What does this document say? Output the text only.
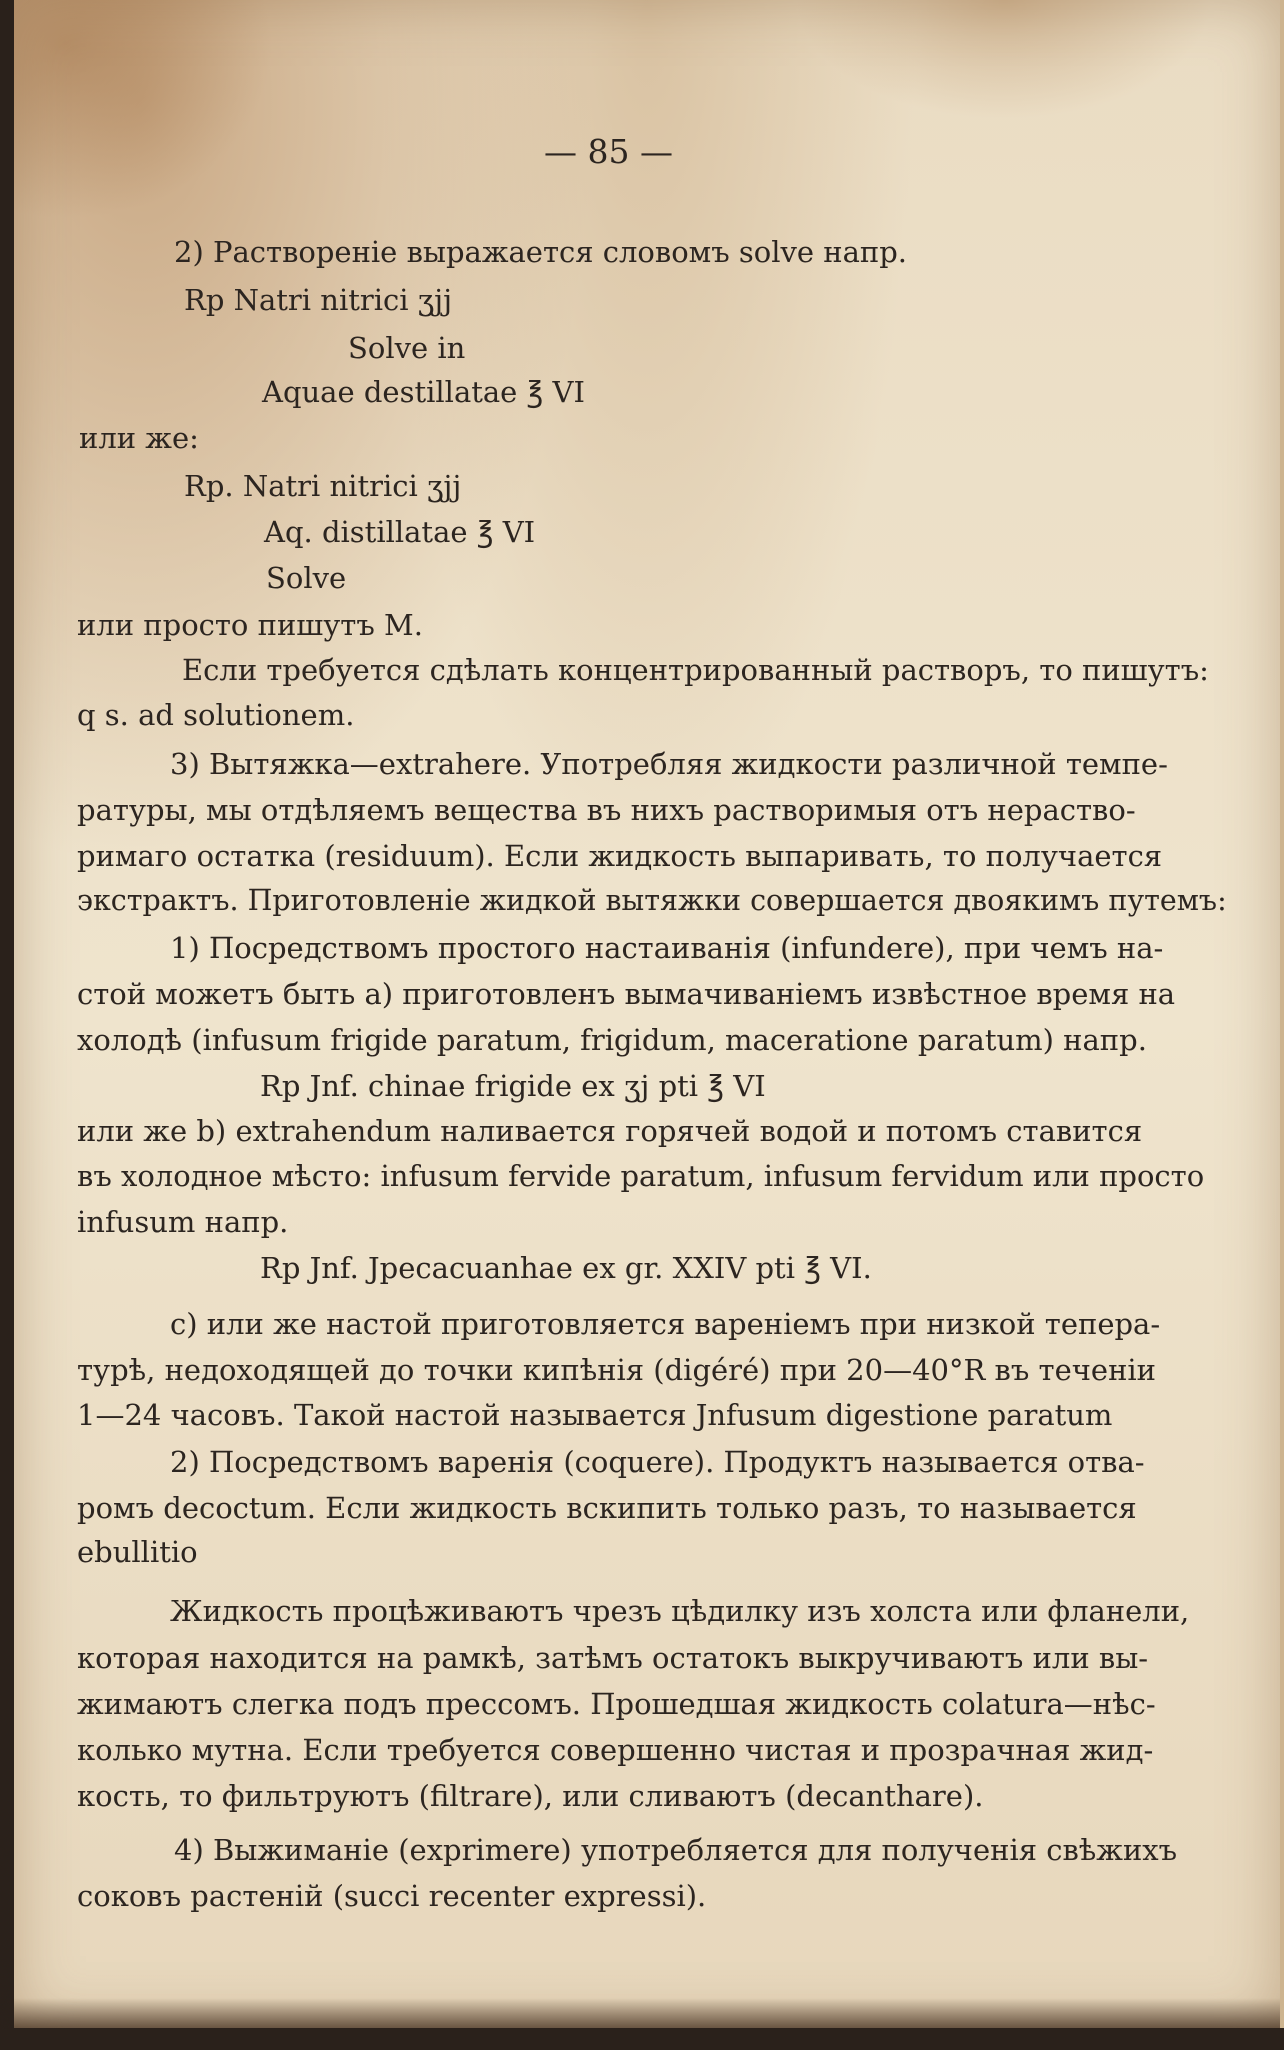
— 85 —
2) Растворенiе выражается словомъ solve напр.
Rp Natri nitrici ʒjj
Solve in
Aquae destillatae ℥ VI
или же:
Rp. Natri nitrici ʒjj
Aq. distillatae ℥ VI
Solve
или просто пишутъ М.
Если требуется сдѣлать концентрированный растворъ, то пишутъ:
q s. ad solutionem.
3) Вытяжка—extrahere. Употребляя жидкости различной темпе-
ратуры, мы отдѣляемъ вещества въ нихъ растворимыя отъ нераство-
римаго остатка (residuum). Если жидкость выпаривать, то получается
экстрактъ. Приготовленiе жидкой вытяжки совершается двоякимъ путемъ:
1) Посредствомъ простого настаиванiя (infundere), при чемъ на-
стой можетъ быть а) приготовленъ вымачиванiемъ извѣстное время на
холодѣ (infusum frigide paratum, frigidum, maceratione paratum) напр.
Rp Jnf. chinae frigide ex ʒj pti ℥ VI
или же b) extrahendum наливается горячей водой и потомъ ставится
въ холодное мѣсто: infusum fervide paratum, infusum fervidum или просто
infusum напр.
Rp Jnf. Jpecacuanhae ex gr. XXIV pti ℥ VI.
c) или же настой приготовляется варенiемъ при низкой тепера-
турѣ, недоходящей до точки кипѣнiя (digéré) при 20—40°R въ теченiи
1—24 часовъ. Такой настой называется Jnfusum digestione paratum
2) Посредствомъ варенiя (coquere). Продуктъ называется отва-
ромъ decoctum. Если жидкость вскипить только разъ, то называется
ebullitio
Жидкость процѣживаютъ чрезъ цѣдилку изъ холста или фланели,
которая находится на рамкѣ, затѣмъ остатокъ выкручиваютъ или вы-
жимаютъ слегка подъ прессомъ. Прошедшая жидкость colatura—нѣс-
колько мутна. Если требуется совершенно чистая и прозрачная жид-
кость, то фильтруютъ (filtrare), или сливаютъ (decanthare).
4) Выжиманiе (exprimere) употребляется для полученiя свѣжихъ
соковъ растенiй (succi recenter expressi).
